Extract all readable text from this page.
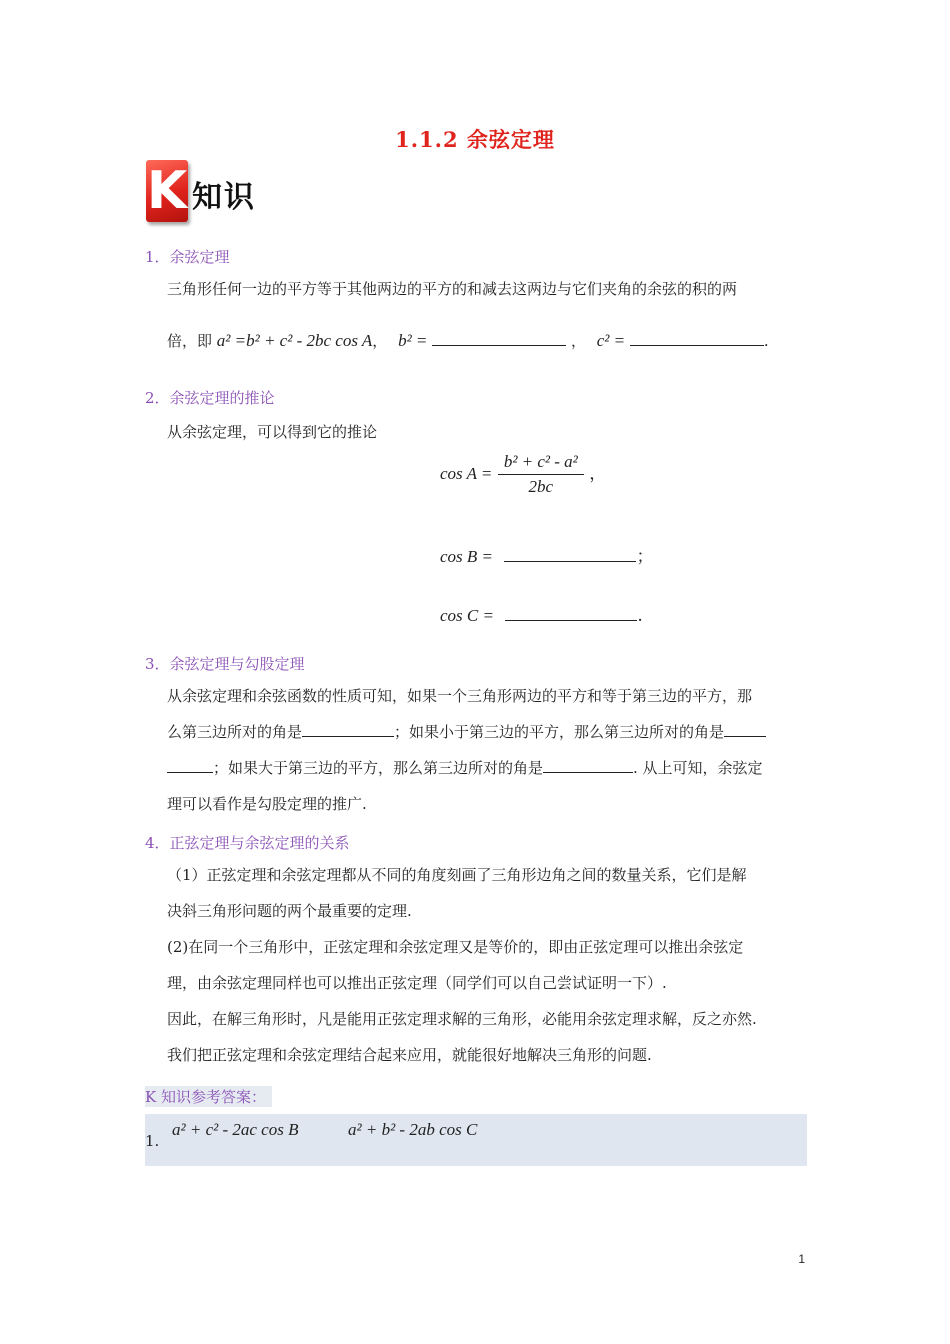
1.1.2 余弦定理
K 知识
1．余弦定理
三角形任何一边的平方等于其他两边的平方的和减去这两边与它们夹角的余弦的积的两
倍，即 a² =b² + c² - 2bc cos A， b² =	， c² =	.
2．余弦定理的推论
从余弦定理，可以得到它的推论
$\cos A = \frac{\text{b² + c² - a²}}{2bc}$ ，
cos B =	；
cos C =	.
3．余弦定理与勾股定理
从余弦定理和余弦函数的性质可知，如果一个三角形两边的平方和等于第三边的平方，那
么第三边所对的角是	；如果小于第三边的平方，那么第三边所对的角是
；如果大于第三边的平方，那么第三边所对的角是	. 从上可知，余弦定
理可以看作是勾股定理的推广.
4．正弦定理与余弦定理的关系
（1）正弦定理和余弦定理都从不同的角度刻画了三角形边角之间的数量关系，它们是解
决斜三角形问题的两个最重要的定理.
(2)在同一个三角形中，正弦定理和余弦定理又是等价的，即由正弦定理可以推出余弦定
理，由余弦定理同样也可以推出正弦定理（同学们可以自己尝试证明一下）.
因此，在解三角形时，凡是能用正弦定理求解的三角形，必能用余弦定理求解，反之亦然.
我们把正弦定理和余弦定理结合起来应用，就能很好地解决三角形的问题.
K 知识参考答案：
1.
a² + c² - 2ac cos B	a² + b² - 2ab cos C
1
